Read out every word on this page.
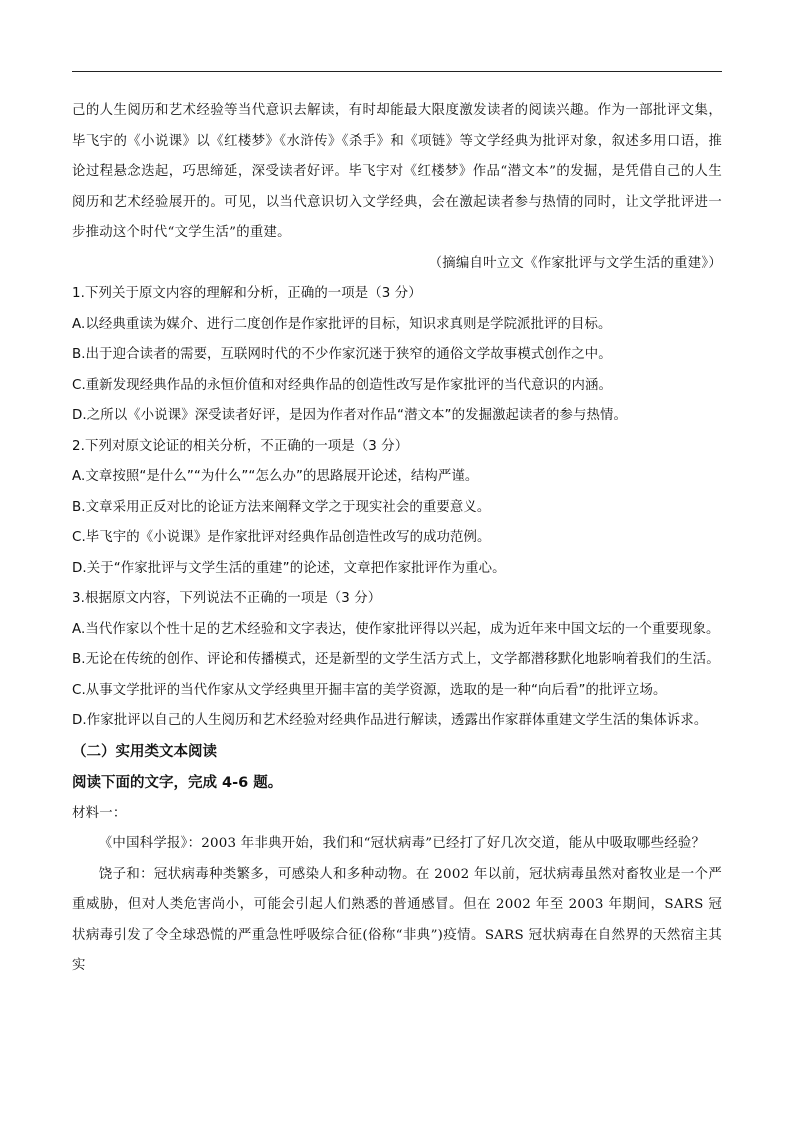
己的人生阅历和艺术经验等当代意识去解读，有时却能最大限度激发读者的阅读兴趣。作为一部批评文集，毕飞宇的《小说课》以《红楼梦》《水浒传》《杀手》和《项链》等文学经典为批评对象，叙述多用口语，推论过程悬念迭起，巧思缔延，深受读者好评。毕飞宇对《红楼梦》作品“潜文本”的发掘，是凭借自己的人生阅历和艺术经验展开的。可见，以当代意识切入文学经典，会在激起读者参与热情的同时，让文学批评进一步推动这个时代“文学生活”的重建。

（摘编自叶立文《作家批评与文学生活的重建》）

1.下列关于原文内容的理解和分析，正确的一项是（3 分）

A.以经典重读为媒介、进行二度创作是作家批评的目标，知识求真则是学院派批评的目标。

B.出于迎合读者的需要，互联网时代的不少作家沉迷于狭窄的通俗文学故事模式创作之中。

C.重新发现经典作品的永恒价值和对经典作品的创造性改写是作家批评的当代意识的内涵。

D.之所以《小说课》深受读者好评，是因为作者对作品“潜文本”的发掘激起读者的参与热情。

2.下列对原文论证的相关分析，不正确的一项是（3 分）

A.文章按照“是什么”“为什么”“怎么办”的思路展开论述，结构严谨。

B.文章采用正反对比的论证方法来阐释文学之于现实社会的重要意义。

C.毕飞宇的《小说课》是作家批评对经典作品创造性改写的成功范例。

D.关于“作家批评与文学生活的重建”的论述，文章把作家批评作为重心。

3.根据原文内容，下列说法不正确的一项是（3 分）

A.当代作家以个性十足的艺术经验和文字表达，使作家批评得以兴起，成为近年来中国文坛的一个重要现象。

B.无论在传统的创作、评论和传播模式，还是新型的文学生活方式上，文学都潜移默化地影响着我们的生活。

C.从事文学批评的当代作家从文学经典里开掘丰富的美学资源，选取的是一种“向后看”的批评立场。

D.作家批评以自己的人生阅历和艺术经验对经典作品进行解读，透露出作家群体重建文学生活的集体诉求。

（二）实用类文本阅读

阅读下面的文字，完成 4-6 题。

材料一：

《中国科学报》：2003 年非典开始，我们和“冠状病毒”已经打了好几次交道，能从中吸取哪些经验？

饶子和：冠状病毒种类繁多，可感染人和多种动物。在 2002 年以前，冠状病毒虽然对畜牧业是一个严重威胁，但对人类危害尚小，可能会引起人们熟悉的普通感冒。但在 2002 年至 2003 年期间，SARS 冠状病毒引发了令全球恐慌的严重急性呼吸综合征(俗称“非典”)疫情。SARS 冠状病毒在自然界的天然宿主其实
